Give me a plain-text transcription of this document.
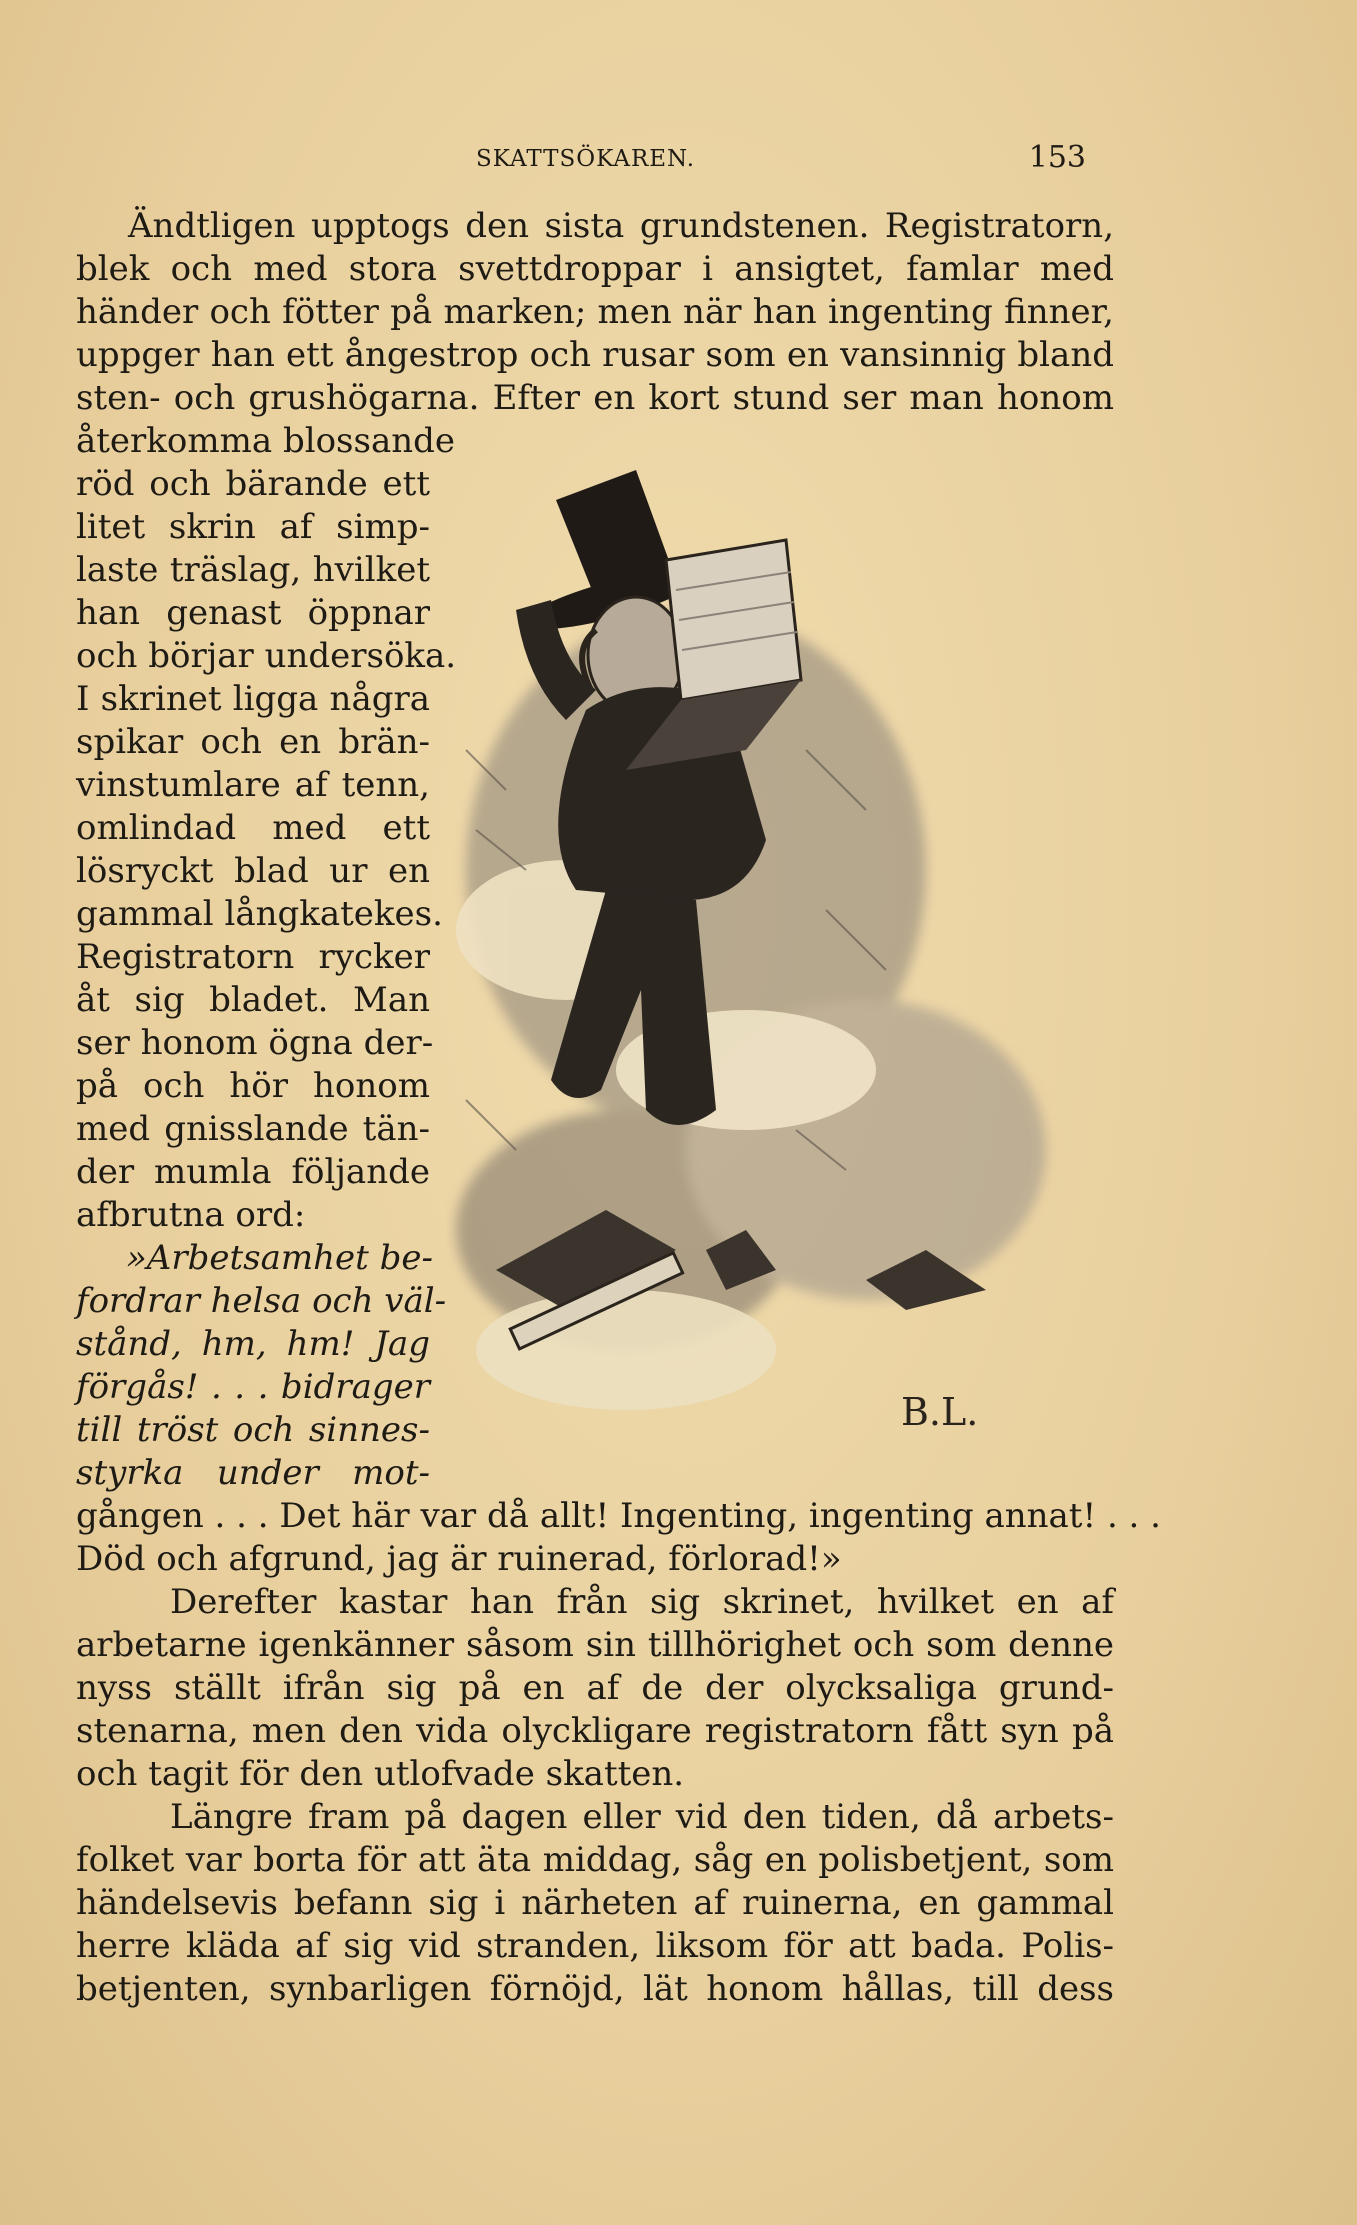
SKATTSÖKAREN.	153
Ändtligen upptogs den sista grundstenen. Registratorn,
blek och med stora svettdroppar i ansigtet, famlar med
händer och fötter på marken; men när han ingenting finner,
uppger han ett ångestrop och rusar som en vansinnig bland
sten- och grushögarna. Efter en kort stund ser man honom
återkomma blossande
röd och bärande ett
litet skrin af simp-
laste träslag, hvilket
han genast öppnar
och börjar undersöka.
I skrinet ligga några
spikar och en brän-
vinstumlare af tenn,
omlindad med ett
lösryckt blad ur en
gammal långkatekes.
Registratorn rycker
åt sig bladet. Man
ser honom ögna der-
på och hör honom
med gnisslande tän-
der mumla följande
afbrutna ord:
»Arbetsamhet be-
fordrar helsa och väl-
stånd, hm, hm! Jag
förgås! . . . bidrager
till tröst och sinnes-
styrka under mot-
gången . . . Det här var då allt! Ingenting, ingenting annat! . . .
Död och afgrund, jag är ruinerad, förlorad!»
Derefter kastar han från sig skrinet, hvilket en af
arbetarne igenkänner såsom sin tillhörighet och som denne
nyss ställt ifrån sig på en af de der olycksaliga grund-
stenarna, men den vida olyckligare registratorn fått syn på
och tagit för den utlofvade skatten.
Längre fram på dagen eller vid den tiden, då arbets-
folket var borta för att äta middag, såg en polisbetjent, som
händelsevis befann sig i närheten af ruinerna, en gammal
herre kläda af sig vid stranden, liksom för att bada. Polis-
betjenten, synbarligen förnöjd, lät honom hållas, till dess
B.L.
